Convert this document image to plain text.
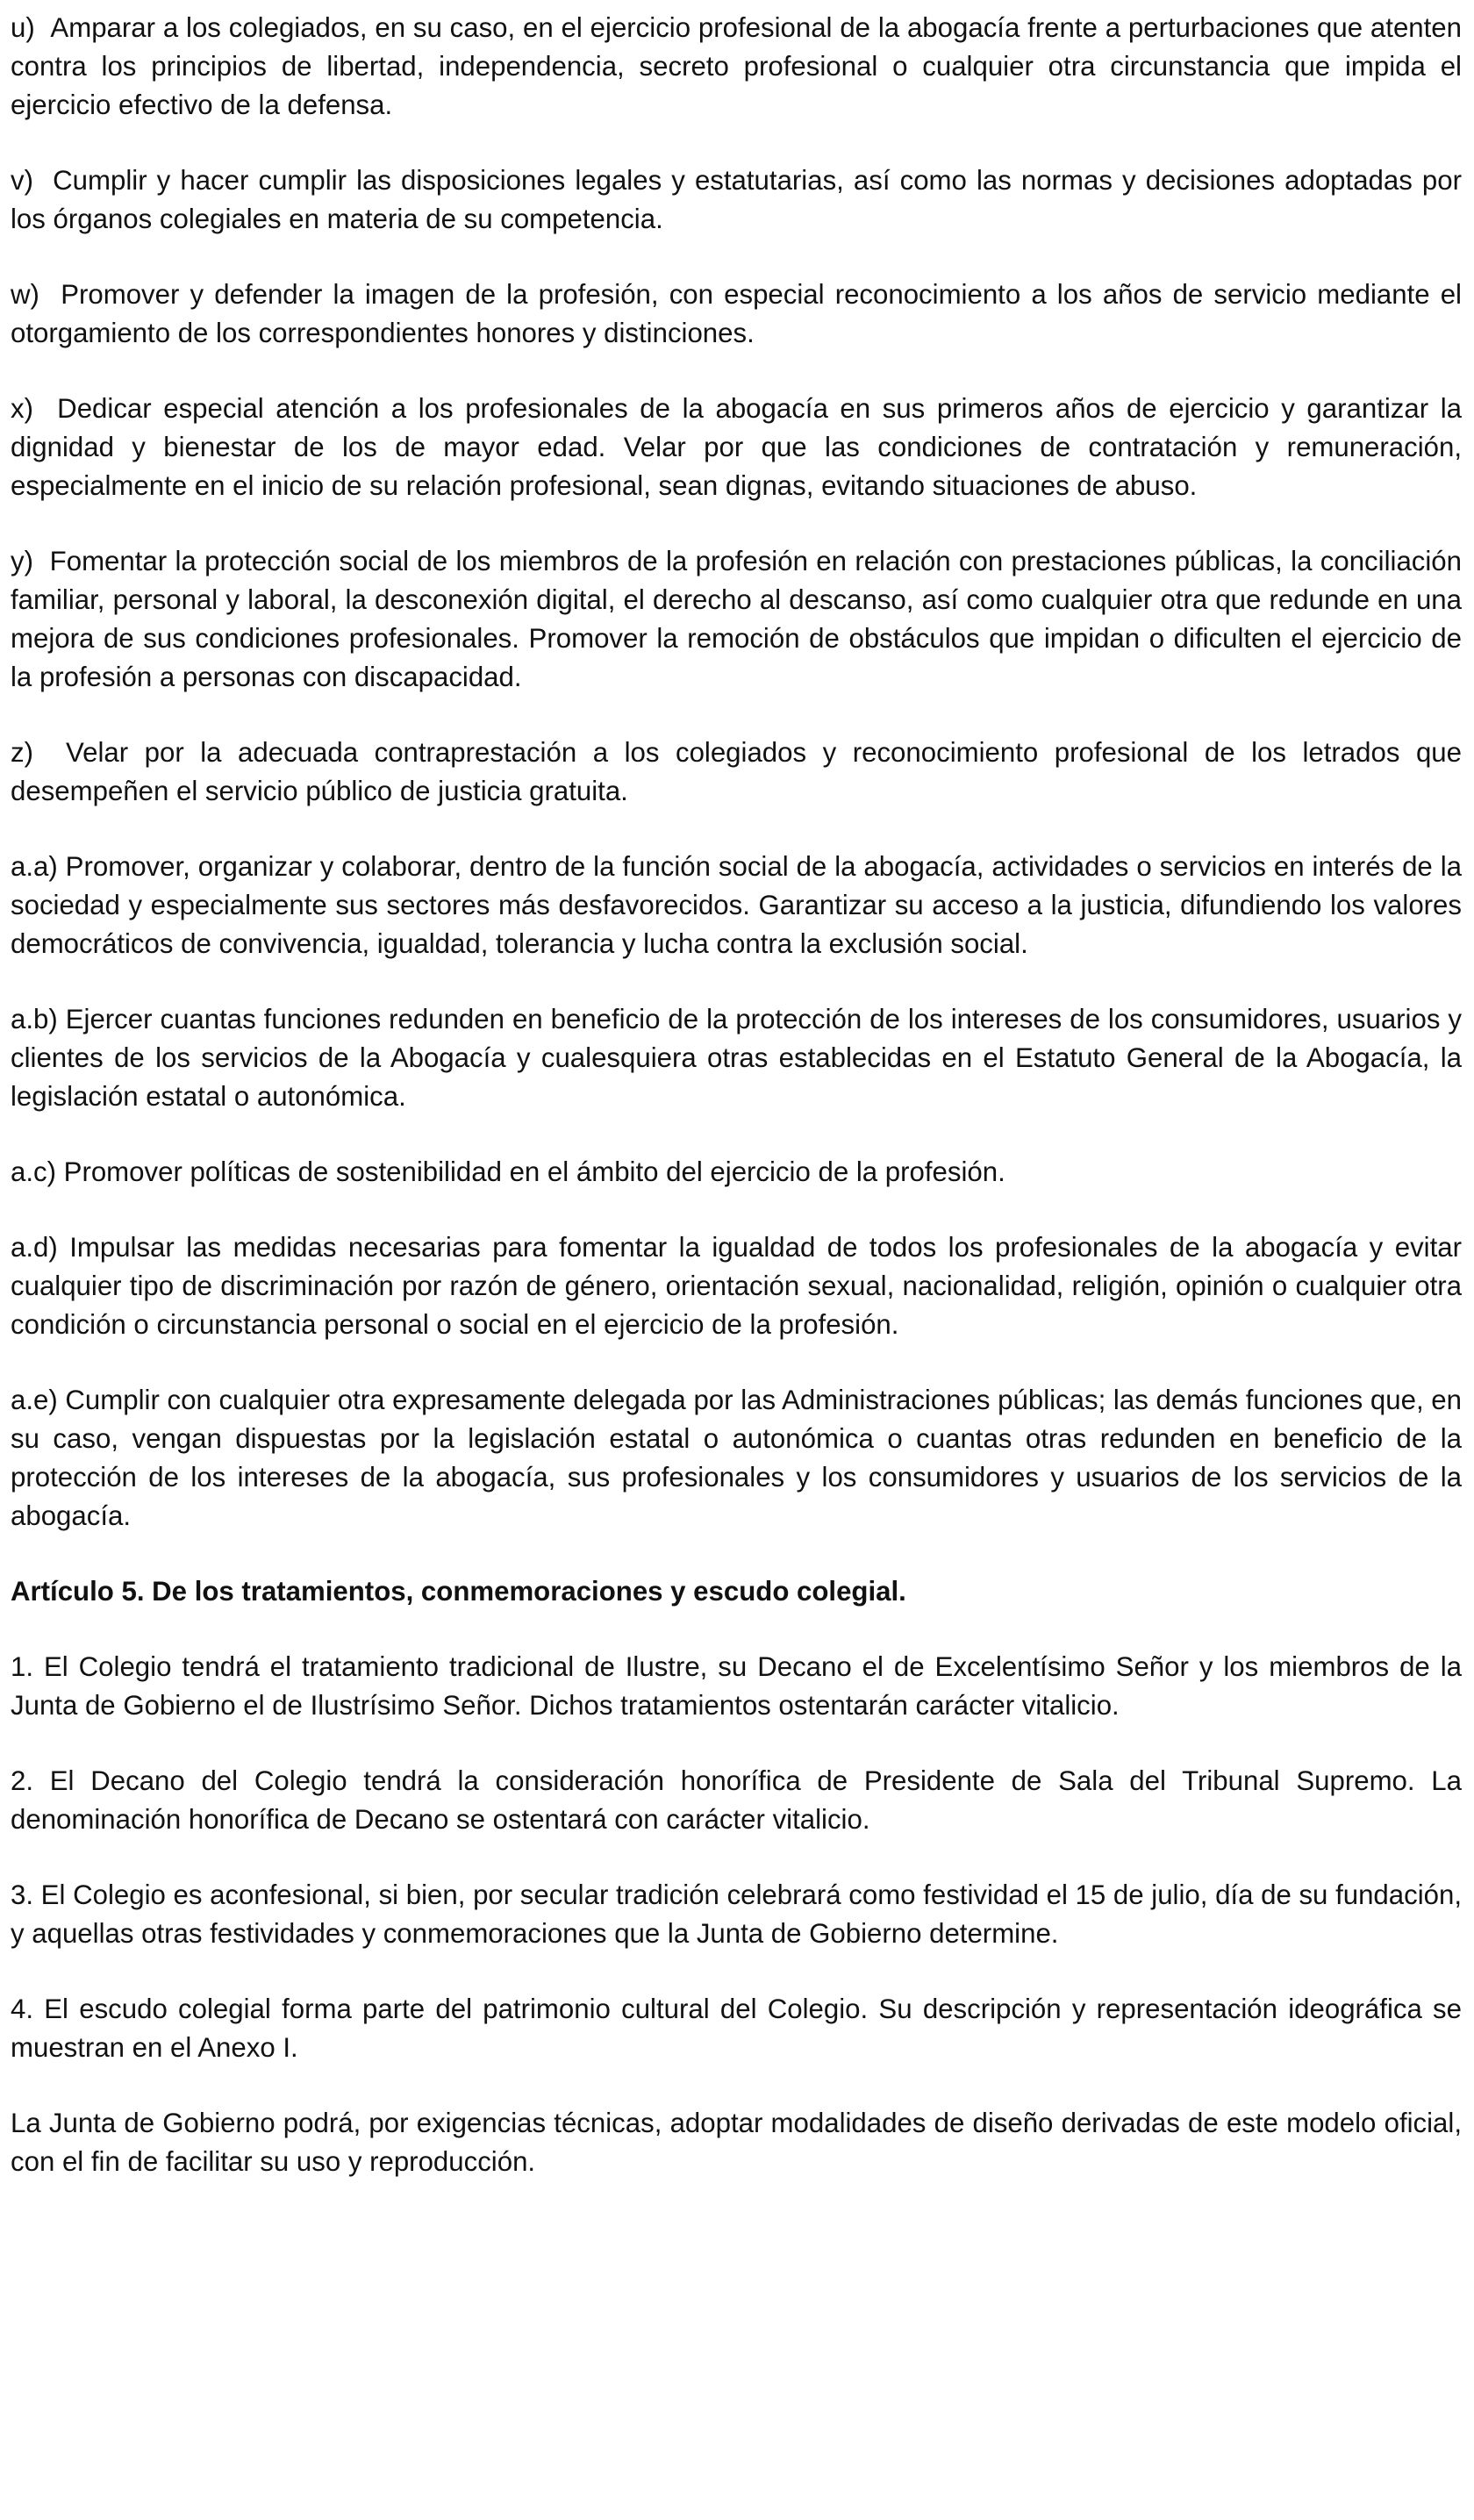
u)  Amparar a los colegiados, en su caso, en el ejercicio profesional de la abogacía frente a perturbaciones que atenten contra los principios de libertad, independencia, secreto profesional o cualquier otra circunstancia que impida el ejercicio efectivo de la defensa.

v)  Cumplir y hacer cumplir las disposiciones legales y estatutarias, así como las normas y decisiones adoptadas por los órganos colegiales en materia de su competencia.

w)  Promover y defender la imagen de la profesión, con especial reconocimiento a los años de servicio mediante el otorgamiento de los correspondientes honores y distinciones.

x)  Dedicar especial atención a los profesionales de la abogacía en sus primeros años de ejercicio y garantizar la dignidad y bienestar de los de mayor edad. Velar por que las condiciones de contratación y remuneración, especialmente en el inicio de su relación profesional, sean dignas, evitando situaciones de abuso.

y)  Fomentar la protección social de los miembros de la profesión en relación con prestaciones públicas, la conciliación familiar, personal y laboral, la desconexión digital, el derecho al descanso, así como cualquier otra que redunde en una mejora de sus condiciones profesionales. Promover la remoción de obstáculos que impidan o dificulten el ejercicio de la profesión a personas con discapacidad.

z)  Velar por la adecuada contraprestación a los colegiados y reconocimiento profesional de los letrados que desempeñen el servicio público de justicia gratuita.

a.a) Promover, organizar y colaborar, dentro de la función social de la abogacía, actividades o servicios en interés de la sociedad y especialmente sus sectores más desfavorecidos. Garantizar su acceso a la justicia, difundiendo los valores democráticos de convivencia, igualdad, tolerancia y lucha contra la exclusión social.

a.b) Ejercer cuantas funciones redunden en beneficio de la protección de los intereses de los consumidores, usuarios y clientes de los servicios de la Abogacía y cualesquiera otras establecidas en el Estatuto General de la Abogacía, la legislación estatal o autonómica.

a.c) Promover políticas de sostenibilidad en el ámbito del ejercicio de la profesión.

a.d) Impulsar las medidas necesarias para fomentar la igualdad de todos los profesionales de la abogacía y evitar cualquier tipo de discriminación por razón de género, orientación sexual, nacionalidad, religión, opinión o cualquier otra condición o circunstancia personal o social en el ejercicio de la profesión.

a.e) Cumplir con cualquier otra expresamente delegada por las Administraciones públicas; las demás funciones que, en su caso, vengan dispuestas por la legislación estatal o autonómica o cuantas otras redunden en beneficio de la protección de los intereses de la abogacía, sus profesionales y los consumidores y usuarios de los servicios de la abogacía.

Artículo 5. De los tratamientos, conmemoraciones y escudo colegial.

1. El Colegio tendrá el tratamiento tradicional de Ilustre, su Decano el de Excelentísimo Señor y los miembros de la Junta de Gobierno el de Ilustrísimo Señor. Dichos tratamientos ostentarán carácter vitalicio.

2. El Decano del Colegio tendrá la consideración honorífica de Presidente de Sala del Tribunal Supremo. La denominación honorífica de Decano se ostentará con carácter vitalicio.

3. El Colegio es aconfesional, si bien, por secular tradición celebrará como festividad el 15 de julio, día de su fundación, y aquellas otras festividades y conmemoraciones que la Junta de Gobierno determine.

4. El escudo colegial forma parte del patrimonio cultural del Colegio. Su descripción y representación ideográfica se muestran en el Anexo I.

La Junta de Gobierno podrá, por exigencias técnicas, adoptar modalidades de diseño derivadas de este modelo oficial, con el fin de facilitar su uso y reproducción.
